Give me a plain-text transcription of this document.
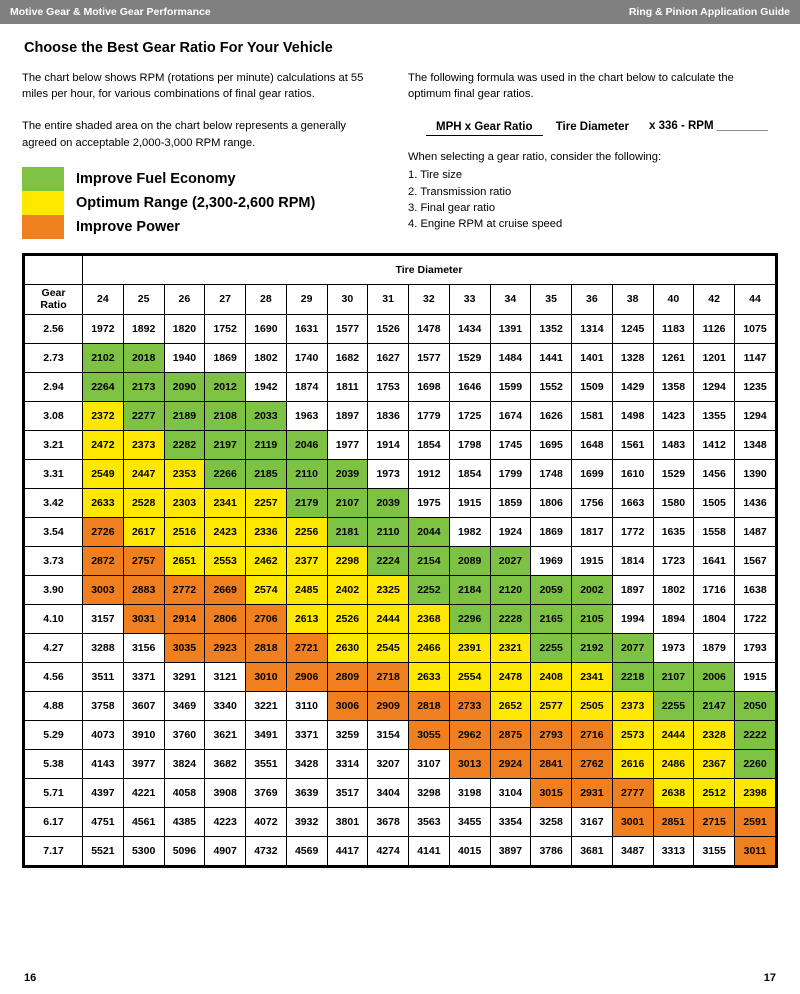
Motive Gear & Motive Gear Performance	Ring & Pinion Application Guide
Choose the Best Gear Ratio For Your Vehicle

The chart below shows RPM (rotations per minute) calculations at 55 miles per hour, for various combinations of final gear ratios.

The entire shaded area on the chart below represents a generally agreed on acceptable 2,000-3,000 RPM range.

Improve Fuel Economy
Optimum Range (2,300-2,600 RPM)
Improve Power

The following formula was used in the chart below to calculate the optimum final gear ratios.

MPH x Gear Ratio Tire Diameter	x 336 - RPM ________

When selecting a gear ratio, consider the following:

1. Tire size
2. Transmission ratio
3. Final gear ratio
4. Engine RPM at cruise speed
	Tire Diameter																
Gear
Ratio	24	25	26	27	28	29	30	31	32	33	34	35	36	38	40	42	44
2.56	1972	1892	1820	1752	1690	1631	1577	1526	1478	1434	1391	1352	1314	1245	1183	1126	1075
2.73	2102	2018	1940	1869	1802	1740	1682	1627	1577	1529	1484	1441	1401	1328	1261	1201	1147
2.94	2264	2173	2090	2012	1942	1874	1811	1753	1698	1646	1599	1552	1509	1429	1358	1294	1235
3.08	2372	2277	2189	2108	2033	1963	1897	1836	1779	1725	1674	1626	1581	1498	1423	1355	1294
3.21	2472	2373	2282	2197	2119	2046	1977	1914	1854	1798	1745	1695	1648	1561	1483	1412	1348
3.31	2549	2447	2353	2266	2185	2110	2039	1973	1912	1854	1799	1748	1699	1610	1529	1456	1390
3.42	2633	2528	2303	2341	2257	2179	2107	2039	1975	1915	1859	1806	1756	1663	1580	1505	1436
3.54	2726	2617	2516	2423	2336	2256	2181	2110	2044	1982	1924	1869	1817	1772	1635	1558	1487
3.73	2872	2757	2651	2553	2462	2377	2298	2224	2154	2089	2027	1969	1915	1814	1723	1641	1567
3.90	3003	2883	2772	2669	2574	2485	2402	2325	2252	2184	2120	2059	2002	1897	1802	1716	1638
4.10	3157	3031	2914	2806	2706	2613	2526	2444	2368	2296	2228	2165	2105	1994	1894	1804	1722
4.27	3288	3156	3035	2923	2818	2721	2630	2545	2466	2391	2321	2255	2192	2077	1973	1879	1793
4.56	3511	3371	3291	3121	3010	2906	2809	2718	2633	2554	2478	2408	2341	2218	2107	2006	1915
4.88	3758	3607	3469	3340	3221	3110	3006	2909	2818	2733	2652	2577	2505	2373	2255	2147	2050
5.29	4073	3910	3760	3621	3491	3371	3259	3154	3055	2962	2875	2793	2716	2573	2444	2328	2222
5.38	4143	3977	3824	3682	3551	3428	3314	3207	3107	3013	2924	2841	2762	2616	2486	2367	2260
5.71	4397	4221	4058	3908	3769	3639	3517	3404	3298	3198	3104	3015	2931	2777	2638	2512	2398
6.17	4751	4561	4385	4223	4072	3932	3801	3678	3563	3455	3354	3258	3167	3001	2851	2715	2591
7.17	5521	5300	5096	4907	4732	4569	4417	4274	4141	4015	3897	3786	3681	3487	3313	3155	3011
16	17
